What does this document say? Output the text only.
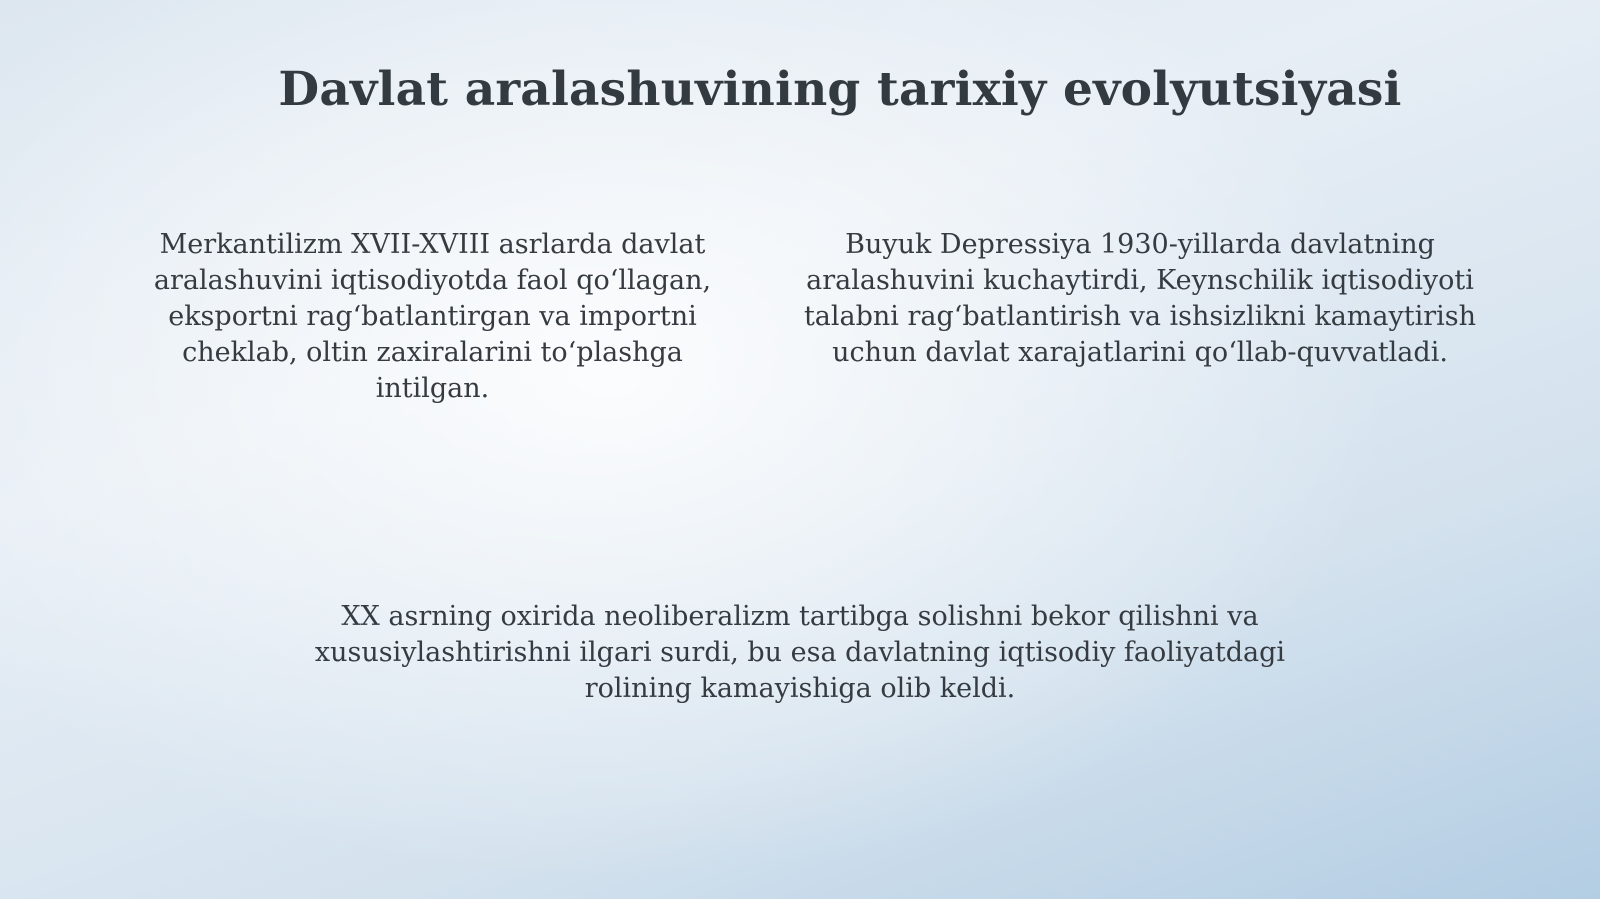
Davlat aralashuvining tarixiy evolyutsiyasi

Merkantilizm XVII-XVIII asrlarda davlat aralashuvini iqtisodiyotda faol qo‘llagan, eksportni rag‘batlantirgan va importni cheklab, oltin zaxiralarini to‘plashga intilgan.

Buyuk Depressiya 1930-yillarda davlatning aralashuvini kuchaytirdi, Keynschilik iqtisodiyoti talabni rag‘batlantirish va ishsizlikni kamaytirish uchun davlat xarajatlarini qo‘llab-quvvatladi.

XX asrning oxirida neoliberalizm tartibga solishni bekor qilishni va xususiylashtirishni ilgari surdi, bu esa davlatning iqtisodiy faoliyatdagi rolining kamayishiga olib keldi.
